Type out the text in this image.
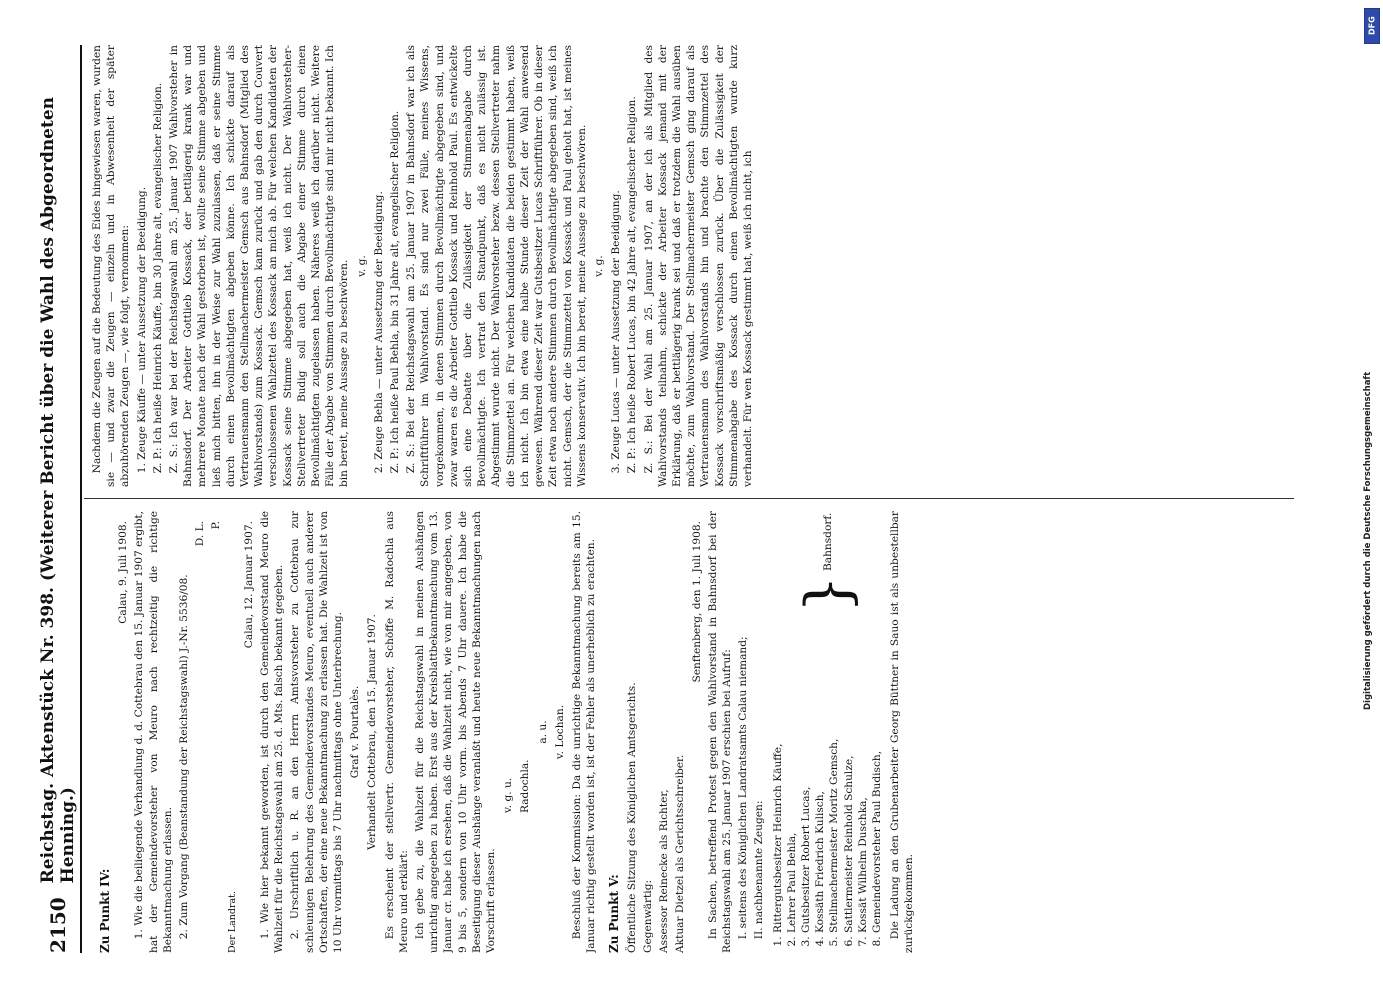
2150
Reichstag. Aktenstück Nr. 398. (Weiterer Bericht über die Wahl des Abgeordneten Henning.)
Zu Punkt IV:
Calau, 9. Juli 1908. 1. Wie die beiliegende Verhandlung d. d. Cottebrau den 15. Januar 1907 ergibt, hat der Gemeindevorsteher von Meuro nach rechtzeitig die richtige Bekanntmachung erlassen. 2. Zum Vorgang (Beanstandung der Reichstagswahl) J.-Nr. 5536/08.

D. L. P.

Der Landrat.

Calau, 12. Januar 1907. 1. Wie hier bekannt geworden, ist durch den Gemeindevorstand Meuro die Wahlzeit für die Reichstagswahl am 25. d. Mts. falsch bekannt gegeben. 2. Urschriftlich u. R. an den Herrn Amtsvorsteher zu Cottebrau zur schleunigen Belehrung des Gemeindevorstandes Meuro, eventuell auch anderer Ortschaften, der eine neue Bekanntmachung zu erlassen hat. Die Wahlzeit ist von 10 Uhr vormittags bis 7 Uhr nachmittags ohne Unterbrechung. Graf v. Pourtalès. Verhandelt Cottebrau, den 15. Januar 1907. Es erscheint der stellvertr. Gemeindevorsteher, Schöffe M. Radochla aus Meuro und erklärt: Ich gebe zu, die Wahlzeit für die Reichstagswahl in meinen Aushängen unrichtig angegeben zu haben. Erst aus der Kreisblattbekanntmachung vom 13. Januar cr. habe ich ersehen, daß die Wahlzeit nicht, wie von mir angegeben, von 9 bis 5, sondern von 10 Uhr vorm. bis Abends 7 Uhr dauere. Ich habe die Beseitigung dieser Aushänge veranlaßt und heute neue Bekanntmachungen nach Vorschrift erlassen.

v. g. u. Radochla.
a. u. v. Lochan. Beschluß der Kommission: Da die unrichtige Bekanntmachung bereits am 15. Januar richtig gestellt worden ist, ist der Fehler als unerheblich zu erachten. Zu Punkt V: Öffentliche Sitzung des Königlichen Amtsgerichts. Gegenwärtig: Assessor Reinecke als Richter, Aktuar Dietzel als Gerichtsschreiber.

Senftenberg, den 1. Juli 1908. In Sachen, betreffend Protest gegen den Wahlvorstand in Bahnsdorf bei der Reichstagswahl am 25. Januar 1907 erschien bei Aufruf: I. seitens des Königlichen Landratsamts Calau niemand; II. nachbenannte Zeugen: 1. Rittergutsbesitzer Heinrich Käuffe, 2. Lehrer Paul Behla, 3. Gutsbesitzer Robert Lucas, 4. Kossäth Friedrich Kulisch, 5. Stellmachermeister Moritz Gemsch, 6. Sattlermeister Reinhold Schulze, 7. Kossät Wilhelm Duschka, 8. Gemeindevorsteher Paul Budisch,
}
Bahnsdorf.	Die Ladung an den Grubenarbeiter Georg Büttner in Sauo ist als unbestellbar zurückgekommen.

Nachdem die Zeugen auf die Bedeutung des Eides hingewiesen waren, wurden sie — und zwar die Zeugen — einzeln und in Abwesenheit der später abzuhörenden Zeugen —, wie folgt, vernommen: 1. Zeuge Käuffe — unter Aussetzung der Beeidigung. Z. P.: Ich heiße Heinrich Käuffe, bin 30 Jahre alt, evangelischer Religion. Z. S.: Ich war bei der Reichstagswahl am 25. Januar 1907 Wahlvorsteher in Bahnsdorf. Der Arbeiter Gottlieb Kossack, der bettlägerig krank war und mehrere Monate nach der Wahl gestorben ist, wollte seine Stimme abgeben und ließ mich bitten, ihn in der Weise zur Wahl zuzulassen, daß er seine Stimme durch einen Bevollmächtigten abgeben könne. Ich schickte darauf als Vertrauensmann den Stellmachermeister Gemsch aus Bahnsdorf (Mitglied des Wahlvorstands) zum Kossack. Gemsch kam zurück und gab den durch Couvert verschlossenen Wahlzettel des Kossack an mich ab. Für welchen Kandidaten der Kossack seine Stimme abgegeben hat, weiß ich nicht. Der Wahlvorsteher-Stellvertreter Budig soll auch die Abgabe einer Stimme durch einen Bevollmächtigten zugelassen haben. Näheres weiß ich darüber nicht. Weitere Fälle der Abgabe von Stimmen durch Bevollmächtigte sind mir nicht bekannt. Ich bin bereit, meine Aussage zu beschwören. v. g. 2. Zeuge Behla — unter Aussetzung der Beeidigung. Z. P.: Ich heiße Paul Behla, bin 31 Jahre alt, evangelischer Religion. Z. S.: Bei der Reichstagswahl am 25. Januar 1907 in Bahnsdorf war ich als Schriftführer im Wahlvorstand. Es sind nur zwei Fälle, meines Wissens, vorgekommen, in denen Stimmen durch Bevollmächtigte abgegeben sind, und zwar waren es die Arbeiter Gottlieb Kossack und Reinhold Paul. Es entwickelte sich eine Debatte über die Zulässigkeit der Stimmenabgabe durch Bevollmächtigte. Ich vertrat den Standpunkt, daß es nicht zulässig ist. Abgestimmt wurde nicht. Der Wahlvorsteher bezw. dessen Stellvertreter nahm die Stimmzettel an. Für welchen Kandidaten die beiden gestimmt haben, weiß ich nicht. Ich bin etwa eine halbe Stunde dieser Zeit der Wahl anwesend gewesen. Während dieser Zeit war Gutsbesitzer Lucas Schriftführer. Ob in dieser Zeit etwa noch andere Stimmen durch Bevollmächtigte abgegeben sind, weiß ich nicht. Gemsch, der die Stimmzettel von Kossack und Paul geholt hat, ist meines Wissens konservativ. Ich bin bereit, meine Aussage zu beschwören. v. g. 3. Zeuge Lucas — unter Aussetzung der Beeidigung. Z. P.: Ich heiße Robert Lucas, bin 42 Jahre alt, evangelischer Religion. Z. S.: Bei der Wahl am 25. Januar 1907, an der ich als Mitglied des Wahlvorstands teilnahm, schickte der Arbeiter Kossack jemand mit der Erklärung, daß er bettlägerig krank sei und daß er trotzdem die Wahl ausüben möchte, zum Wahlvorstand. Der Stellmachermeister Gemsch ging darauf als Vertrauensmann des Wahlvorstands hin und brachte den Stimmzettel des Kossack vorschriftsmäßig verschlossen zurück. Über die Zulässigkeit der Stimmenabgabe des Kossack durch einen Bevollmächtigten wurde kurz verhandelt. Für wen Kossack gestimmt hat, weiß ich nicht, ich

DFG
Digitalisierung gefördert durch die Deutsche Forschungsgemeinschaft
